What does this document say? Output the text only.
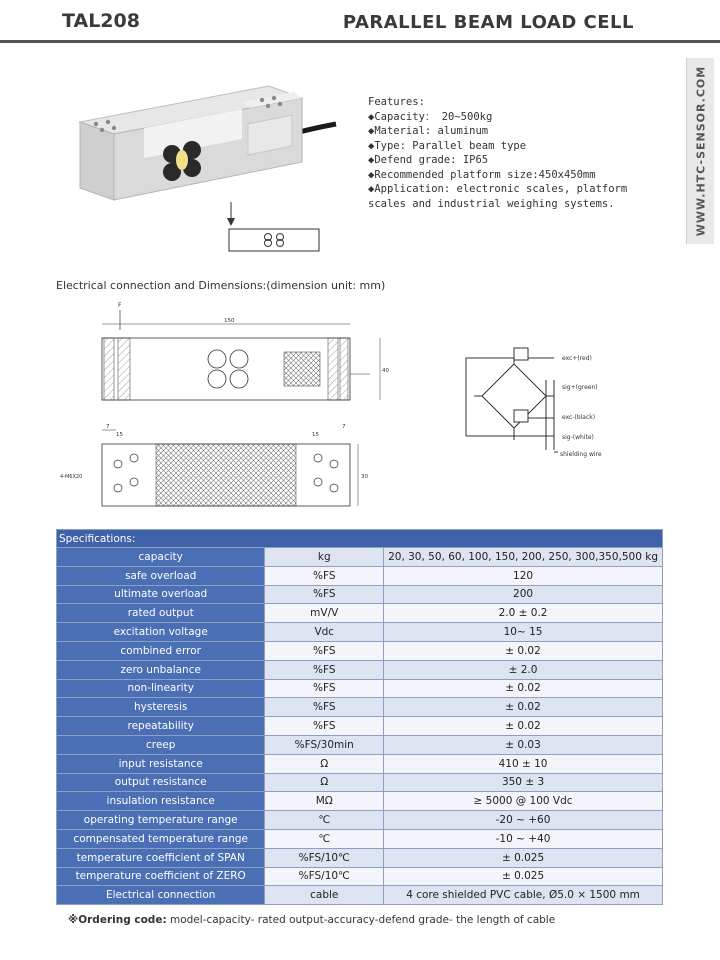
TAL208	PARALLEL BEAM LOAD CELL
WWW.HTC-SENSOR.COM
Features:
◆Capacity： 20~500kg
◆Material: aluminum
◆Type: Parallel beam type
◆Defend grade: IP65
◆Recommended platform size:450x450mm
◆Application: electronic scales, platform scales and industrial weighing systems.
Electrical connection and Dimensions:(dimension unit: mm)
F
150
40
7
15	15
7
4-M6X20	30
exc+(red)
sig+(green)
exc-(black)
sig-(white)
shielding wire
Specifications:		
capacity	kg	20, 30, 50, 60, 100, 150, 200, 250, 300,350,500 kg
safe overload	%FS	120
ultimate overload	%FS	200
rated output	mV/V	2.0 ± 0.2
excitation voltage	Vdc	10~ 15
combined error	%FS	± 0.02
zero unbalance	%FS	± 2.0
non-linearity	%FS	± 0.02
hysteresis	%FS	± 0.02
repeatability	%FS	± 0.02
creep	%FS/30min	± 0.03
input resistance	Ω	410 ± 10
output resistance	Ω	350 ± 3
insulation resistance	MΩ	≥ 5000 @ 100 Vdc
operating temperature range	℃	-20 ~ +60
compensated temperature range	℃	-10 ~ +40
temperature coefficient of SPAN	%FS/10℃	± 0.025
temperature coefficient of ZERO	%FS/10℃	± 0.025
Electrical connection	cable	4 core shielded PVC cable, Ø5.0 × 1500 mm
※Ordering code: model-capacity- rated output-accuracy-defend grade- the length of cable
